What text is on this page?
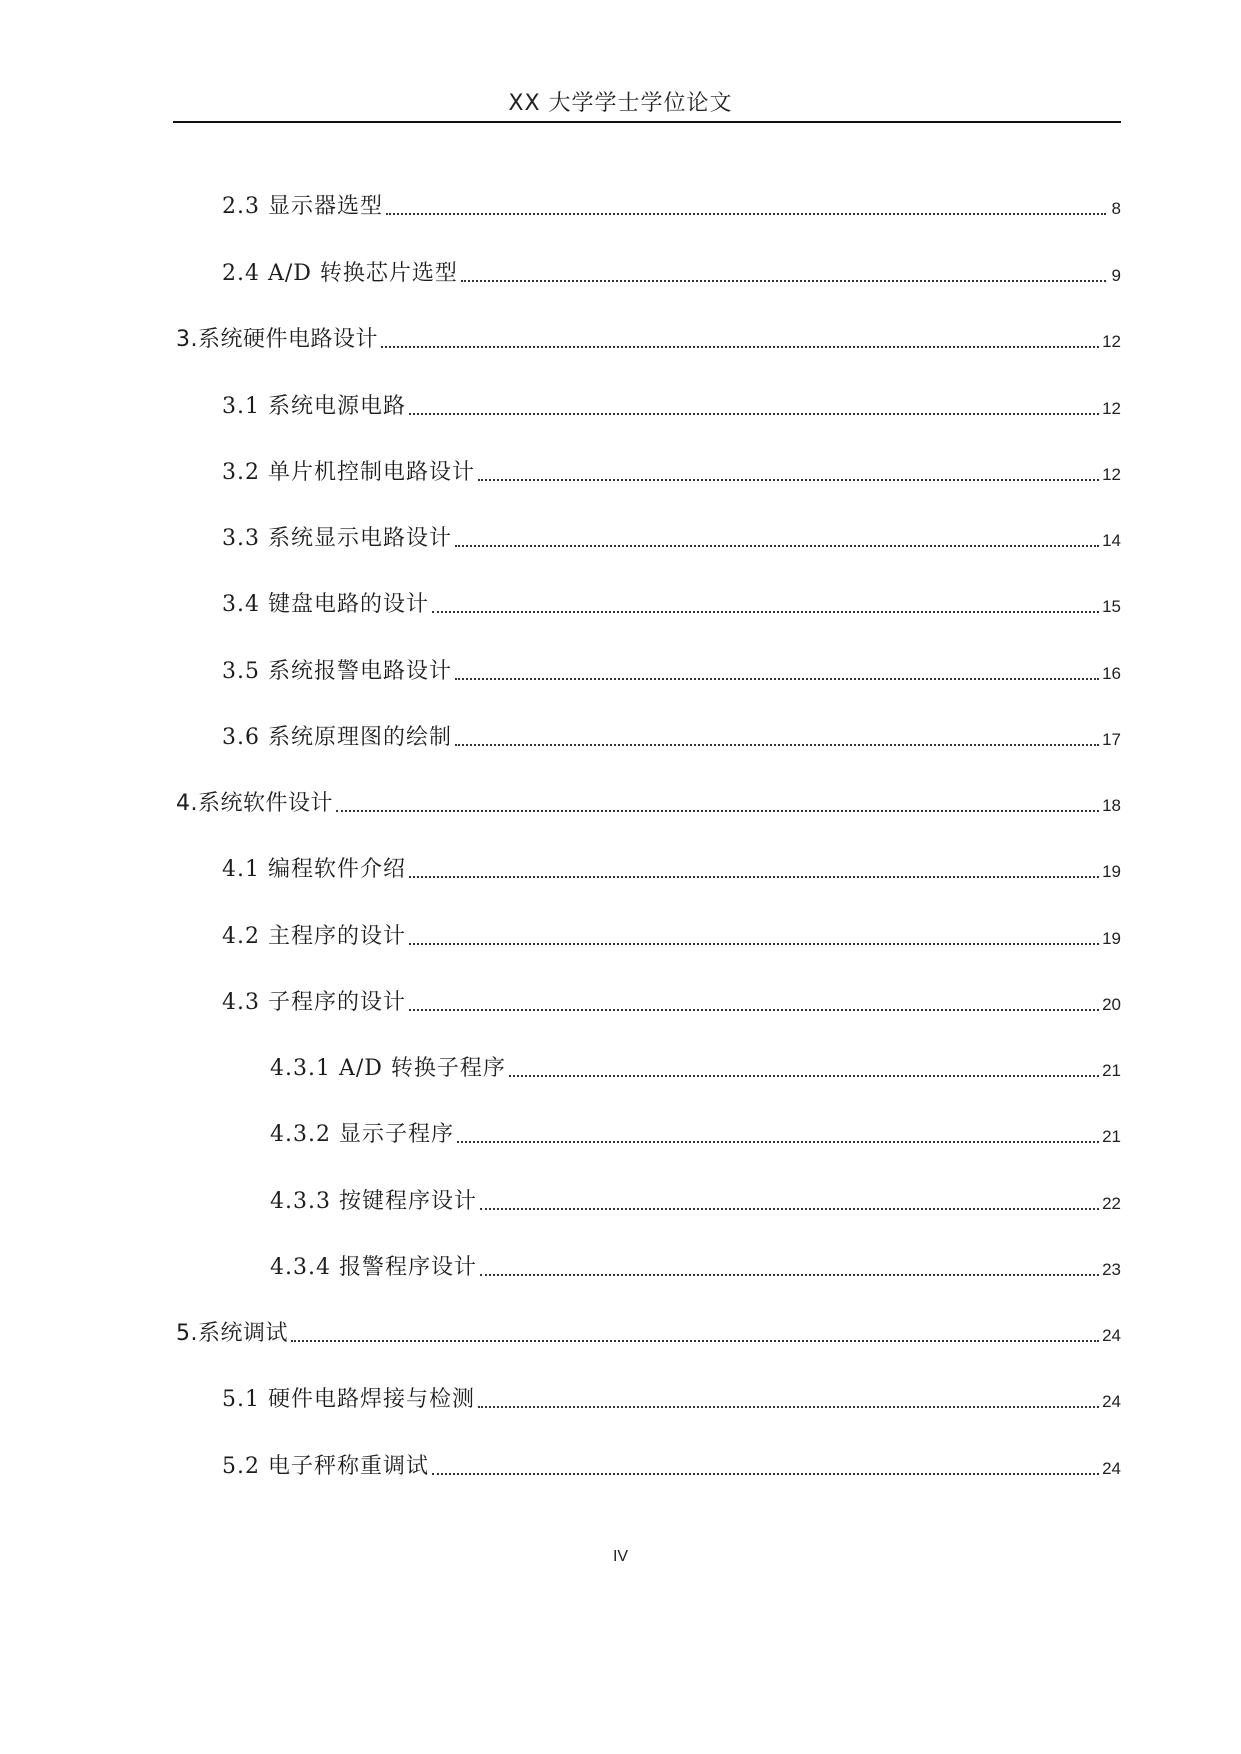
XX 大学学士学位论文
2.3 显示器选型	8
2.4 A/D 转换芯片选型	9
3.系统硬件电路设计	12
3.1 系统电源电路	12
3.2 单片机控制电路设计	12
3.3 系统显示电路设计	14
3.4 键盘电路的设计	15
3.5 系统报警电路设计	16
3.6 系统原理图的绘制	17
4.系统软件设计	18
4.1 编程软件介绍	19
4.2 主程序的设计	19
4.3 子程序的设计	20
4.3.1 A/D 转换子程序	21
4.3.2 显示子程序	21
4.3.3 按键程序设计	22
4.3.4 报警程序设计	23
5.系统调试	24
5.1 硬件电路焊接与检测	24
5.2 电子秤称重调试	24
IV
